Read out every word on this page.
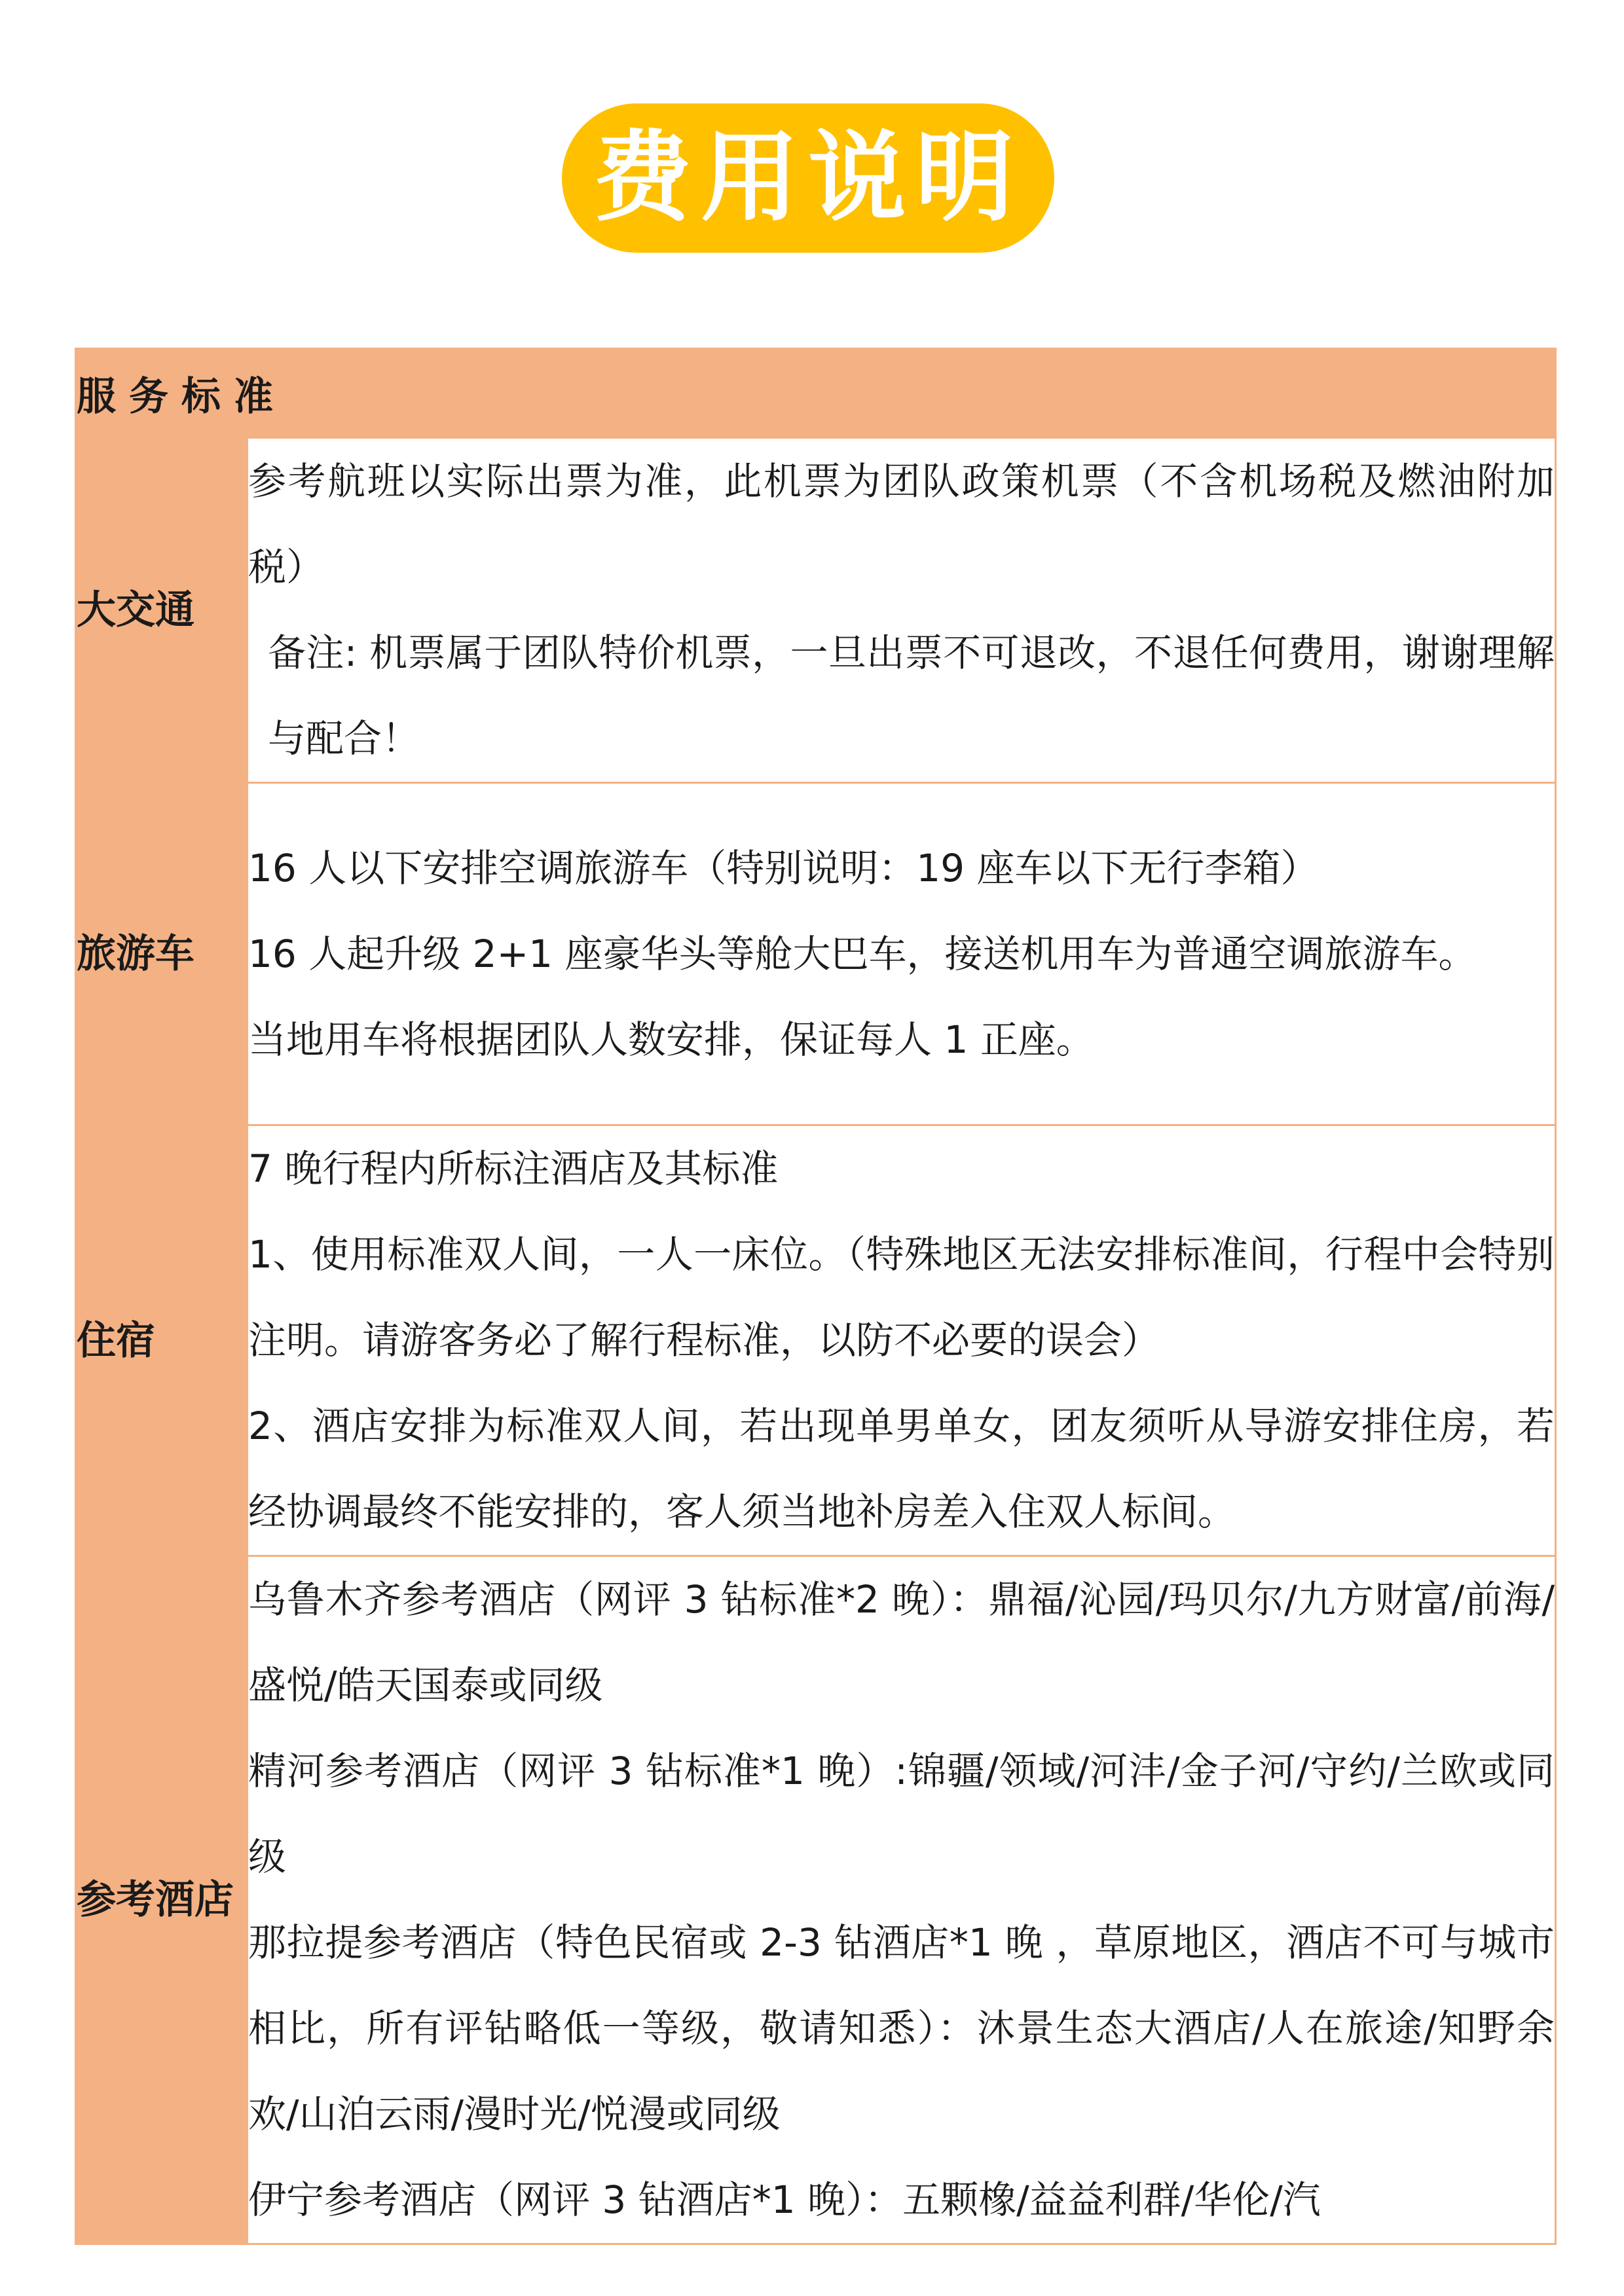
费用说明
服务标准	
大交通	参考航班以实际出票为准，此机票为团队政策机票（不含机场税及燃油附加税）
备注: 机票属于团队特价机票，一旦出票不可退改，不退任何费用，谢谢理解与配合！

旅游车	16 人以下安排空调旅游车（特别说明：19 座车以下无行李箱）
16 人起升级 2+1 座豪华头等舱大巴车，接送机用车为普通空调旅游车。
当地用车将根据团队人数安排，保证每人 1 正座。

住宿	7 晚行程内所标注酒店及其标准
1、使用标准双人间，一人一床位。（特殊地区无法安排标准间，行程中会特别注明。请游客务必了解行程标准，以防不必要的误会）
2、酒店安排为标准双人间，若出现单男单女，团友须听从导游安排住房，若经协调最终不能安排的，客人须当地补房差入住双人标间。

参考酒店	乌鲁木齐参考酒店（网评 3 钻标准*2 晚）：鼎福/沁园/玛贝尔/九方财富/前海/盛悦/皓天国泰或同级
精河参考酒店（网评 3 钻标准*1 晚）:锦疆/领域/河沣/金子河/守约/兰欧或同级
那拉提参考酒店（特色民宿或 2-3 钻酒店*1 晚 ，草原地区，酒店不可与城市相比，所有评钻略低一等级，敬请知悉）：沐景生态大酒店/人在旅途/知野余欢/山泊云雨/漫时光/悦漫或同级
伊宁参考酒店（网评 3 钻酒店*1 晚）：五颗橡/益益利群/华伦/汽
